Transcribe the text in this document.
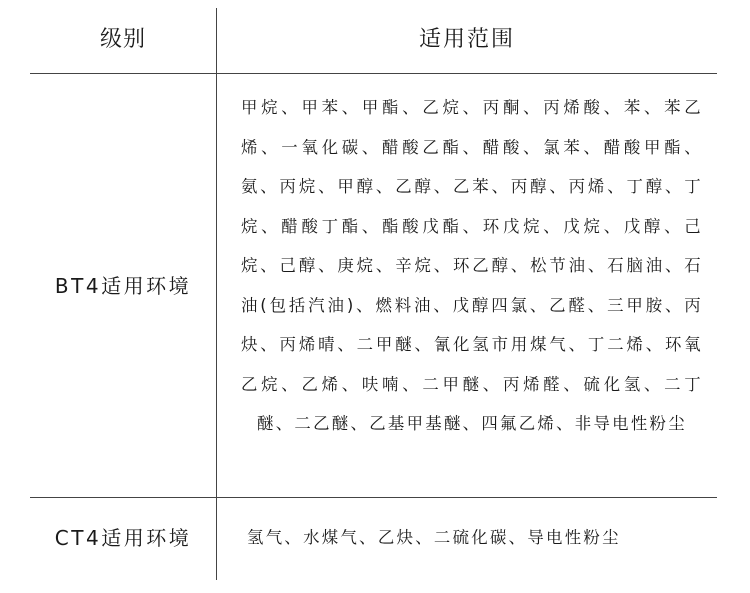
级别	适用范围
BT4适用环境
甲烷、甲苯、甲酯、乙烷、丙酮、丙烯酸、苯、苯乙烯、一氧化碳、醋酸乙酯、醋酸、氯苯、醋酸甲酯、氨、丙烷、甲醇、乙醇、乙苯、丙醇、丙烯、丁醇、丁烷、醋酸丁酯、酯酸戊酯、环戊烷、戊烷、戊醇、己烷、己醇、庚烷、辛烷、环乙醇、松节油、石脑油、石油(包括汽油)、燃料油、戊醇四氯、乙醛、三甲胺、丙炔、丙烯晴、二甲醚、氰化氢市用煤气、丁二烯、环氧乙烷、乙烯、呋喃、二甲醚、丙烯醛、硫化氢、二丁醚、二乙醚、乙基甲基醚、四氟乙烯、非导电性粉尘
CT4适用环境	氢气、水煤气、乙炔、二硫化碳、导电性粉尘
